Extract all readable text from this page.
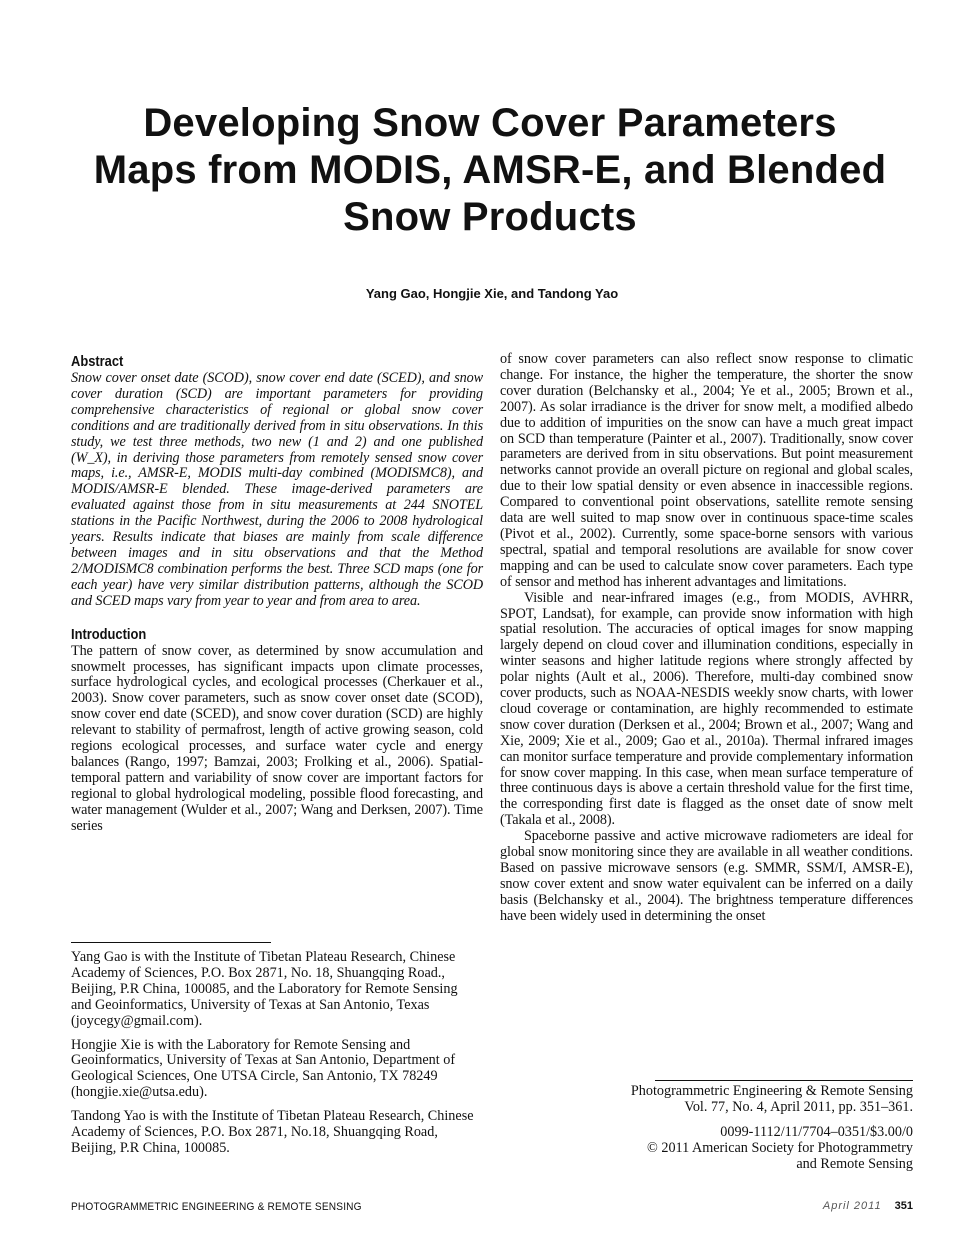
Developing Snow Cover Parameters Maps from MODIS, AMSR-E, and Blended Snow Products
Yang Gao, Hongjie Xie, and Tandong Yao
Abstract

Snow cover onset date (SCOD), snow cover end date (SCED), and snow cover duration (SCD) are important parameters for providing comprehensive characteristics of regional or global snow cover conditions and are traditionally derived from in situ observations. In this study, we test three methods, two new (1 and 2) and one published (W_X), in deriving those parameters from remotely sensed snow cover maps, i.e., AMSR-E, MODIS multi-day combined (MODISMC8), and MODIS/AMSR-E blended. These image-derived parameters are evaluated against those from in situ measurements at 244 SNOTEL stations in the Pacific Northwest, during the 2006 to 2008 hydrological years. Results indicate that biases are mainly from scale difference between images and in situ observations and that the Method 2/MODISMC8 combination performs the best. Three SCD maps (one for each year) have very similar distribution patterns, although the SCOD and SCED maps vary from year to year and from area to area.

Introduction

The pattern of snow cover, as determined by snow accumulation and snowmelt processes, has significant impacts upon climate processes, surface hydrological cycles, and ecological processes (Cherkauer et al., 2003). Snow cover parameters, such as snow cover onset date (SCOD), snow cover end date (SCED), and snow cover duration (SCD) are highly relevant to stability of permafrost, length of active growing season, cold regions ecological processes, and surface water cycle and energy balances (Rango, 1997; Bamzai, 2003; Frolking et al., 2006). Spatial-temporal pattern and variability of snow cover are important factors for regional to global hydrological modeling, possible flood forecasting, and water management (Wulder et al., 2007; Wang and Derksen, 2007). Time series

Yang Gao is with the Institute of Tibetan Plateau Research, Chinese Academy of Sciences, P.O. Box 2871, No. 18, Shuangqing Road., Beijing, P.R China, 100085, and the Laboratory for Remote Sensing and Geoinformatics, University of Texas at San Antonio, Texas (joycegy@gmail.com).

Hongjie Xie is with the Laboratory for Remote Sensing and Geoinformatics, University of Texas at San Antonio, Department of Geological Sciences, One UTSA Circle, San Antonio, TX 78249 (hongjie.xie@utsa.edu).

Tandong Yao is with the Institute of Tibetan Plateau Research, Chinese Academy of Sciences, P.O. Box 2871, No.18, Shuangqing Road, Beijing, P.R China, 100085.

of snow cover parameters can also reflect snow response to climatic change. For instance, the higher the temperature, the shorter the snow cover duration (Belchansky et al., 2004; Ye et al., 2005; Brown et al., 2007). As solar irradiance is the driver for snow melt, a modified albedo due to addition of impurities on the snow can have a much great impact on SCD than temperature (Painter et al., 2007). Traditionally, snow cover parameters are derived from in situ observations. But point measurement networks cannot provide an overall picture on regional and global scales, due to their low spatial density or even absence in inaccessible regions. Compared to conventional point observations, satellite remote sensing data are well suited to map snow over in continuous space-time scales (Pivot et al., 2002). Currently, some space-borne sensors with various spectral, spatial and temporal resolutions are available for snow cover mapping and can be used to calculate snow cover parameters. Each type of sensor and method has inherent advantages and limitations.

Visible and near-infrared images (e.g., from MODIS, AVHRR, SPOT, Landsat), for example, can provide snow information with high spatial resolution. The accuracies of optical images for snow mapping largely depend on cloud cover and illumination conditions, especially in winter seasons and higher latitude regions where strongly affected by polar nights (Ault et al., 2006). Therefore, multi-day combined snow cover products, such as NOAA-NESDIS weekly snow charts, with lower cloud coverage or contamination, are highly recommended to estimate snow cover duration (Derksen et al., 2004; Brown et al., 2007; Wang and Xie, 2009; Xie et al., 2009; Gao et al., 2010a). Thermal infrared images can monitor surface temperature and provide complementary information for snow cover mapping. In this case, when mean surface temperature of three continuous days is above a certain threshold value for the first time, the corresponding first date is flagged as the onset date of snow melt (Takala et al., 2008).

Spaceborne passive and active microwave radiometers are ideal for global snow monitoring since they are available in all weather conditions. Based on passive microwave sensors (e.g. SMMR, SSM/I, AMSR-E), snow cover extent and snow water equivalent can be inferred on a daily basis (Belchansky et al., 2004). The brightness temperature differences have been widely used in determining the onset

Photogrammetric Engineering & Remote Sensing
Vol. 77, No. 4, April 2011, pp. 351–361.
0099-1112/11/7704–0351/$3.00/0
© 2011 American Society for Photogrammetry
and Remote Sensing
PHOTOGRAMMETRIC ENGINEERING & REMOTE SENSING	April 2011 351
